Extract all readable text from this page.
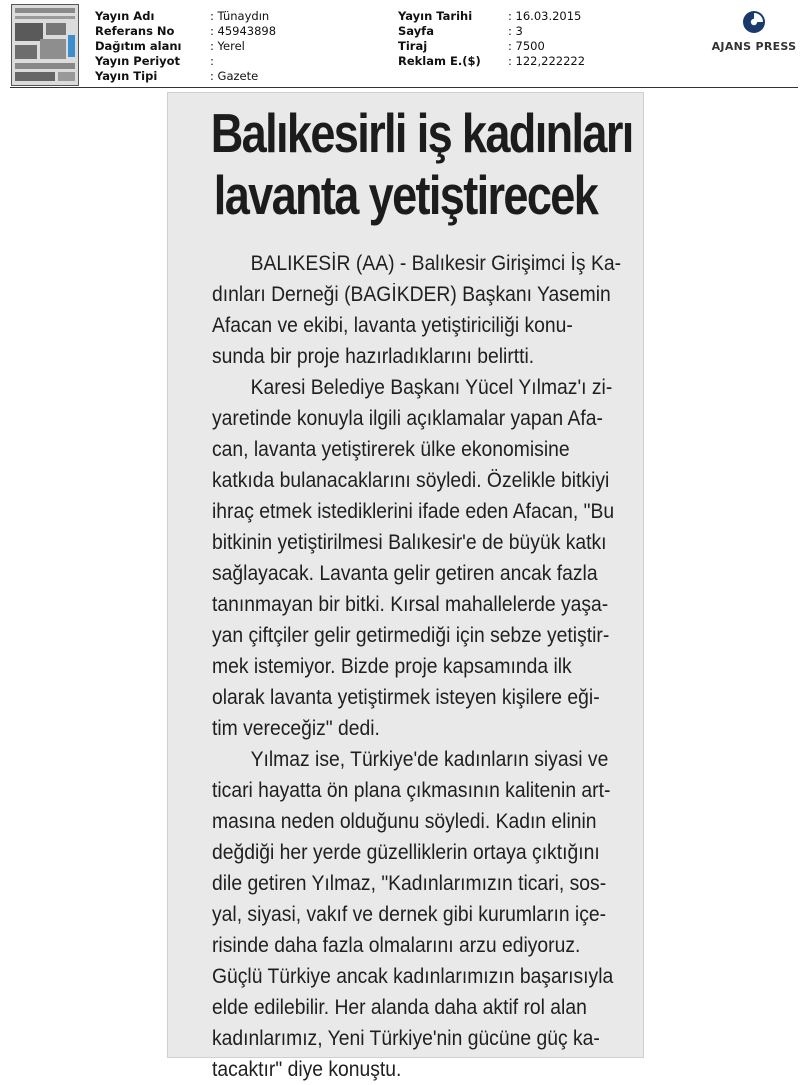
Yayın Adı	: Tünaydın
Referans No	: 45943898
Dağıtım alanı	: Yerel
Yayın Periyot	:
Yayın Tipi	: Gazete
Yayın Tarihi	: 16.03.2015
Sayfa	: 3
Tiraj	: 7500
Reklam E.($)	: 122,222222
AJANS PRESS
Balıkesirli iş kadınları
lavanta yetiştirecek
BALIKESİR (AA) - Balıkesir Girişimci İş Ka-
dınları Derneği (BAGİKDER) Başkanı Yasemin
Afacan ve ekibi, lavanta yetiştiriciliği konu-
sunda bir proje hazırladıklarını belirtti.
Karesi Belediye Başkanı Yücel Yılmaz'ı zi-
yaretinde konuyla ilgili açıklamalar yapan Afa-
can, lavanta yetiştirerek ülke ekonomisine
katkıda bulanacaklarını söyledi. Özelikle bitkiyi
ihraç etmek istediklerini ifade eden Afacan, "Bu
bitkinin yetiştirilmesi Balıkesir'e de büyük katkı
sağlayacak. Lavanta gelir getiren ancak fazla
tanınmayan bir bitki. Kırsal mahallelerde yaşa-
yan çiftçiler gelir getirmediği için sebze yetiştir-
mek istemiyor. Bizde proje kapsamında ilk
olarak lavanta yetiştirmek isteyen kişilere eği-
tim vereceğiz" dedi.
Yılmaz ise, Türkiye'de kadınların siyasi ve
ticari hayatta ön plana çıkmasının kalitenin art-
masına neden olduğunu söyledi. Kadın elinin
değdiği her yerde güzelliklerin ortaya çıktığını
dile getiren Yılmaz, "Kadınlarımızın ticari, sos-
yal, siyasi, vakıf ve dernek gibi kurumların içe-
risinde daha fazla olmalarını arzu ediyoruz.
Güçlü Türkiye ancak kadınlarımızın başarısıyla
elde edilebilir. Her alanda daha aktif rol alan
kadınlarımız, Yeni Türkiye'nin gücüne güç ka-
tacaktır" diye konuştu.
